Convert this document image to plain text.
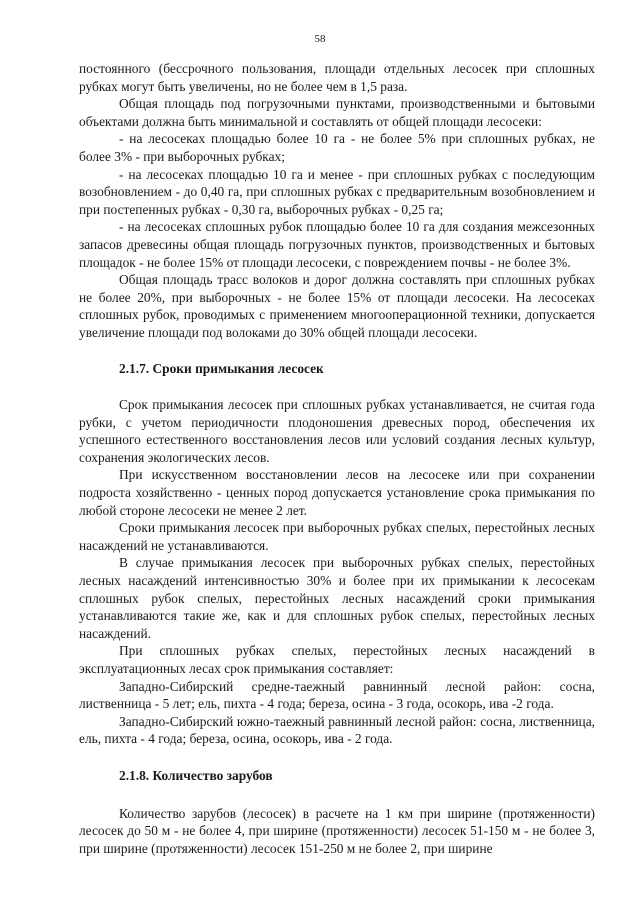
58

постоянного (бессрочного пользования, площади отдельных лесосек при сплошных рубках могут быть увеличены, но не более чем в 1,5 раза.

Общая площадь под погрузочными пунктами, производственными и бытовыми объектами должна быть минимальной и составлять от общей площади лесосеки:

- на лесосеках площадью более 10 га - не более 5% при сплошных рубках, не более 3% - при выборочных рубках;

- на лесосеках площадью 10 га и менее - при сплошных рубках с последующим возобновлением - до 0,40 га, при сплошных рубках с предварительным возобновлением и при постепенных рубках - 0,30 га, выборочных рубках - 0,25 га;

- на лесосеках сплошных рубок площадью более 10 га для создания межсезонных запасов древесины общая площадь погрузочных пунктов, производственных и бытовых площадок - не более 15% от площади лесосеки, с повреждением почвы - не более 3%.

Общая площадь трасс волоков и дорог должна составлять при сплошных рубках не более 20%, при выборочных - не более 15% от площади лесосеки. На лесосеках сплошных рубок, проводимых с применением многооперационной техники, допускается увеличение площади под волоками до 30% общей площади лесосеки.

2.1.7. Сроки примыкания лесосек

Срок примыкания лесосек при сплошных рубках устанавливается, не считая года рубки, с учетом периодичности плодоношения древесных пород, обеспечения их успешного естественного восстановления лесов или условий создания лесных культур, сохранения экологических лесов.

При искусственном восстановлении лесов на лесосеке или при сохранении подроста хозяйственно - ценных пород допускается установление срока примыкания по любой стороне лесосеки не менее 2 лет.

Сроки примыкания лесосек при выборочных рубках спелых, перестойных лесных насаждений не устанавливаются.

В случае примыкания лесосек при выборочных рубках спелых, перестойных лесных насаждений интенсивностью 30% и более при их примыкании к лесосекам сплошных рубок спелых, перестойных лесных насаждений сроки примыкания устанавливаются такие же, как и для сплошных рубок спелых, перестойных лесных насаждений.

При сплошных рубках спелых, перестойных лесных насаждений в эксплуатационных лесах срок примыкания составляет:

Западно-Сибирский средне-таежный равнинный лесной район: сосна, лиственница - 5 лет; ель, пихта - 4 года; береза, осина - 3 года, осокорь, ива -2 года.

Западно-Сибирский южно-таежный равнинный лесной район: сосна, лиственница, ель, пихта - 4 года; береза, осина, осокорь, ива - 2 года.

2.1.8. Количество зарубов

Количество зарубов (лесосек) в расчете на 1 км при ширине (протяженности) лесосек до 50 м - не более 4, при ширине (протяженности) лесосек 51-150 м - не более 3, при ширине (протяженности) лесосек 151-250 м не более 2, при ширине
